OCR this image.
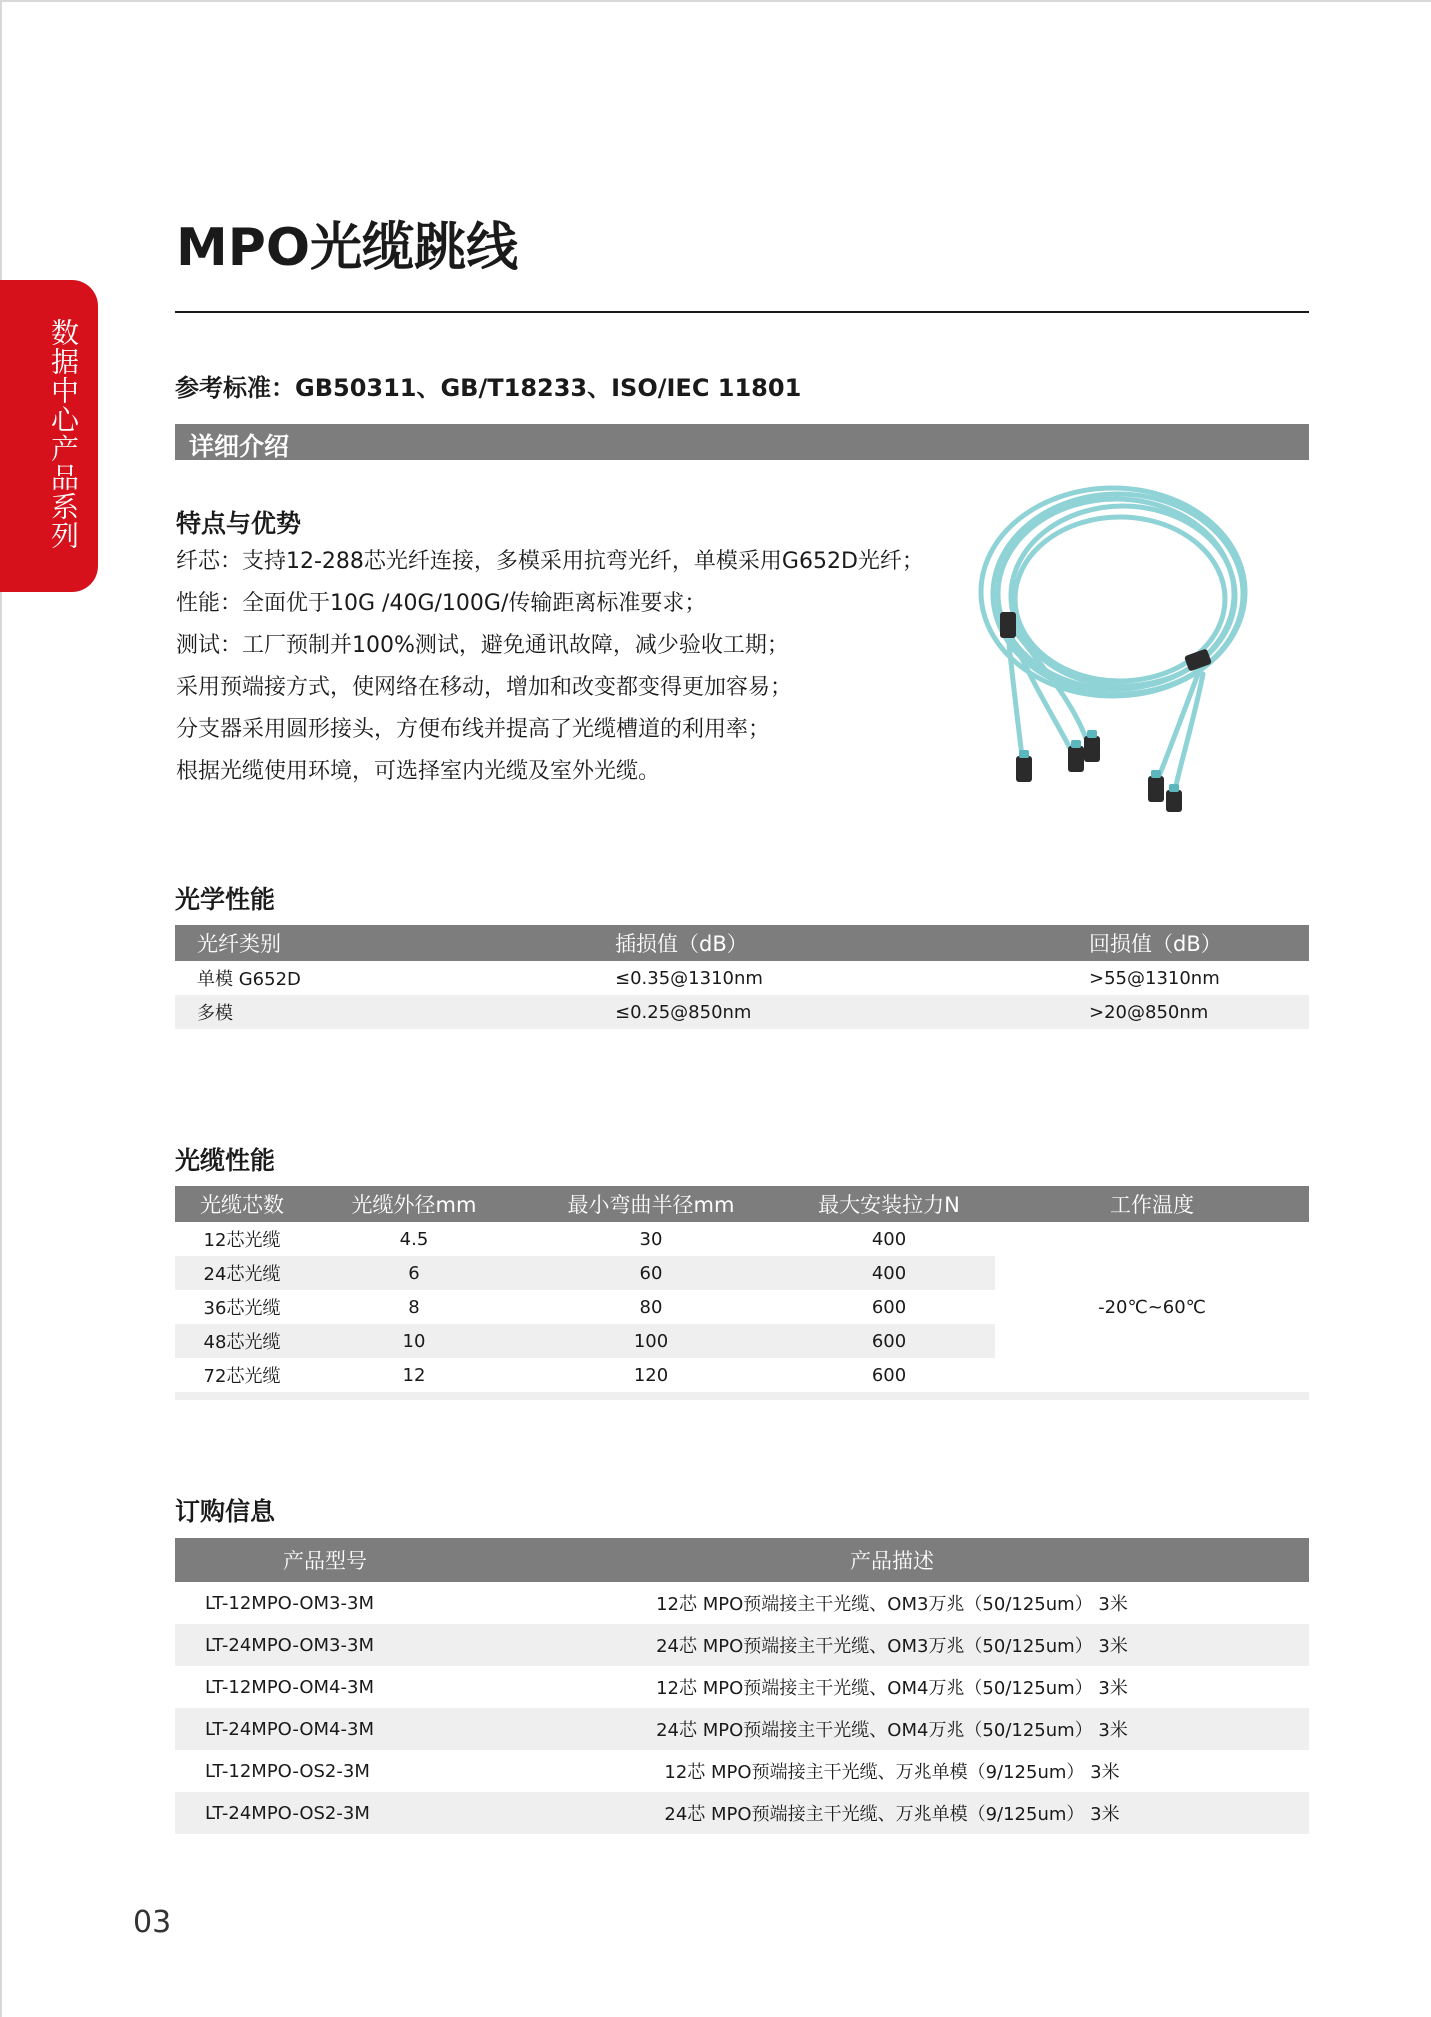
数据中心产品系列
MPO光缆跳线
参考标准：GB50311、GB/T18233、ISO/IEC 11801
详细介绍
特点与优势
纤芯：支持12-288芯光纤连接，多模采用抗弯光纤，单模采用G652D光纤；
性能：全面优于10G /40G/100G/传输距离标准要求；
测试：工厂预制并100%测试，避免通讯故障，减少验收工期；
采用预端接方式，使网络在移动，增加和改变都变得更加容易；
分支器采用圆形接头，方便布线并提高了光缆槽道的利用率；
根据光缆使用环境，可选择室内光缆及室外光缆。
光学性能
光纤类别	插损值（dB）	回损值（dB）
单模 G652D	≤0.35@1310nm	>55@1310nm
多模	≤0.25@850nm	>20@850nm
光缆性能
光缆芯数	光缆外径mm	最小弯曲半径mm	最大安装拉力N	工作温度
12芯光缆	4.5	30	400	-20℃~60℃
24芯光缆	6	60	400	
36芯光缆	8	80	600	
48芯光缆	10	100	600	
72芯光缆	12	120	600	

订购信息
产品型号	产品描述
LT-12MPO-OM3-3M	12芯 MPO预端接主干光缆、OM3万兆（50/125um） 3米
LT-24MPO-OM3-3M	24芯 MPO预端接主干光缆、OM3万兆（50/125um） 3米
LT-12MPO-OM4-3M	12芯 MPO预端接主干光缆、OM4万兆（50/125um） 3米
LT-24MPO-OM4-3M	24芯 MPO预端接主干光缆、OM4万兆（50/125um） 3米
LT-12MPO-OS2-3M	12芯 MPO预端接主干光缆、万兆单模（9/125um） 3米
LT-24MPO-OS2-3M	24芯 MPO预端接主干光缆、万兆单模（9/125um） 3米
03
